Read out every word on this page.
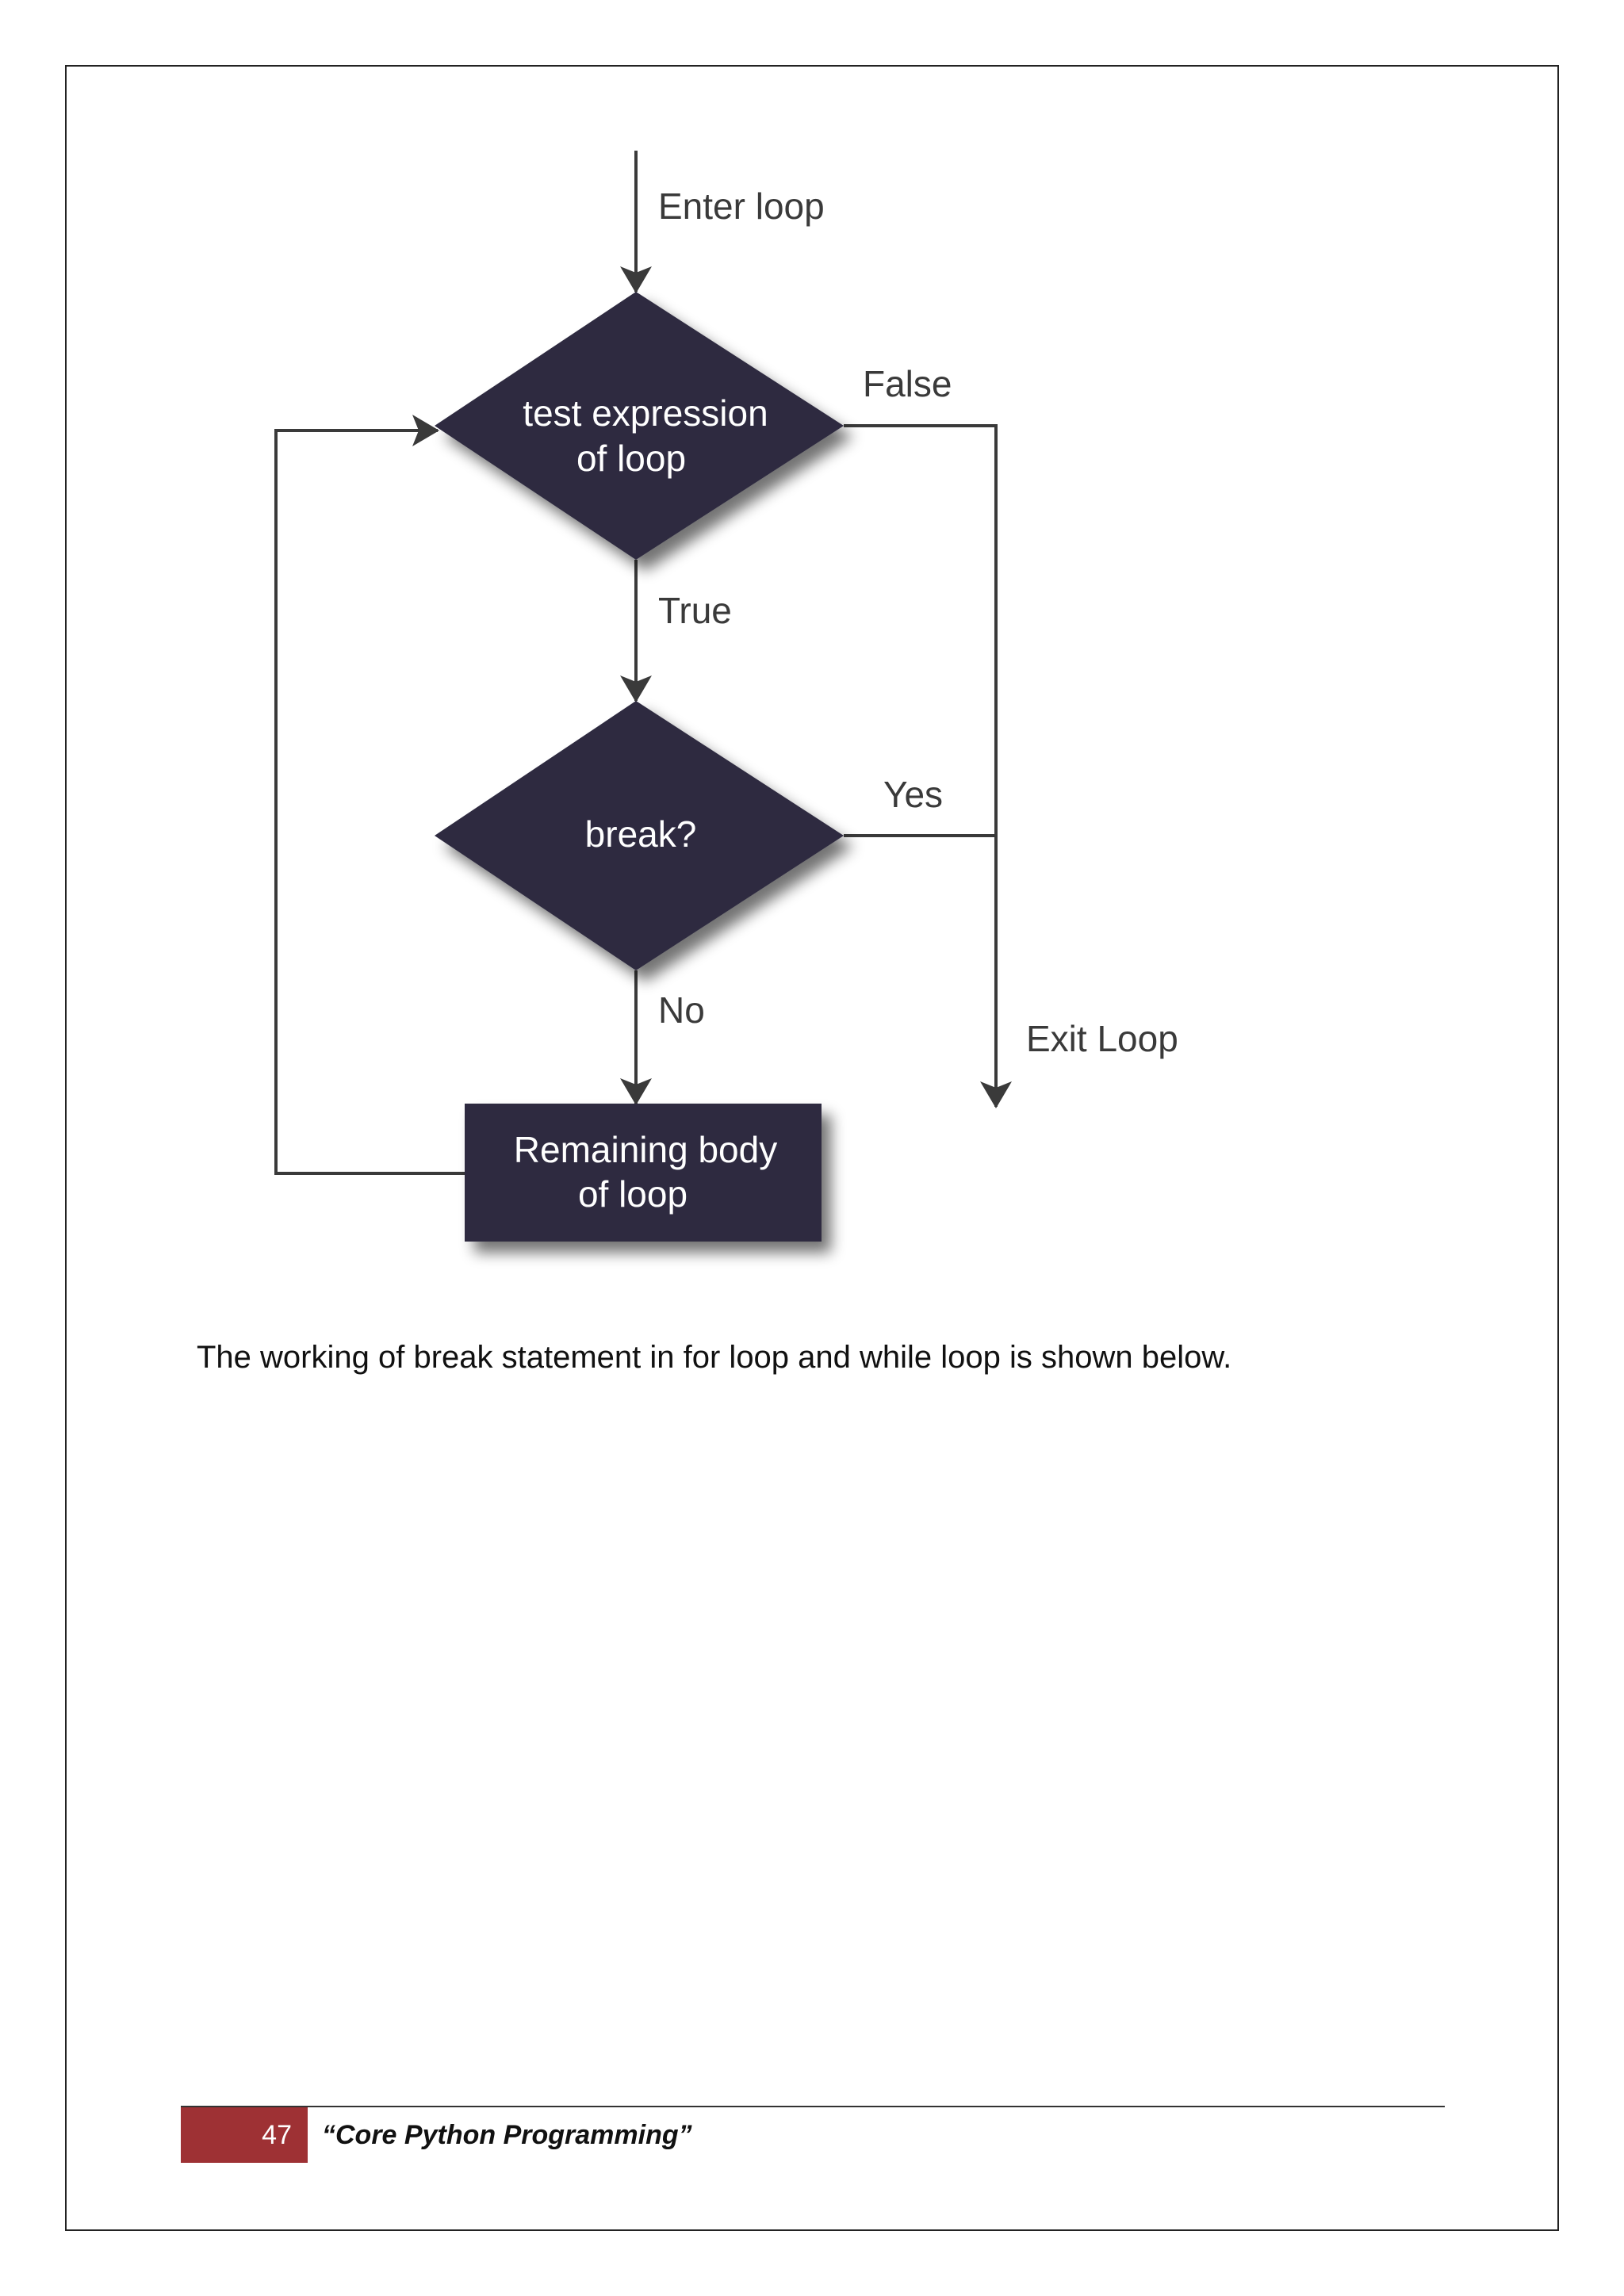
test expression
of loop
break?
Remaining body
of loop
Enter loop
False
True
Yes
No
Exit Loop
The working of break statement in for loop and while loop is shown below.
47 “Core Python Programming”
